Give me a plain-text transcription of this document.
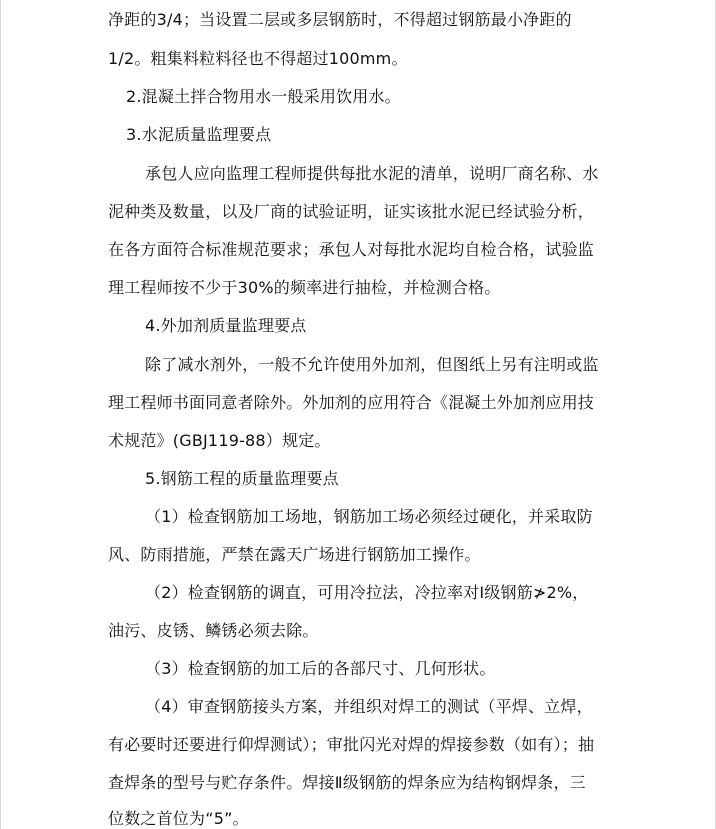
净距的3/4；当设置二层或多层钢筋时，不得超过钢筋最小净距的
1/2。粗集料粒料径也不得超过100mm。
2.混凝土拌合物用水一般采用饮用水。
3.水泥质量监理要点
承包人应向监理工程师提供每批水泥的清单，说明厂商名称、水
泥种类及数量，以及厂商的试验证明，证实该批水泥已经试验分析，
在各方面符合标准规范要求；承包人对每批水泥均自检合格，试验监
理工程师按不少于30%的频率进行抽检，并检测合格。
4.外加剂质量监理要点
除了减水剂外，一般不允许使用外加剂，但图纸上另有注明或监
理工程师书面同意者除外。外加剂的应用符合《混凝土外加剂应用技
术规范》(GBJ119-88）规定。
5.钢筋工程的质量监理要点
（1）检查钢筋加工场地，钢筋加工场必须经过硬化，并采取防
风、防雨措施，严禁在露天广场进行钢筋加工操作。
（2）检查钢筋的调直，可用冷拉法，冷拉率对Ⅰ级钢筋≯2%，
油污、皮锈、鳞锈必须去除。
（3）检查钢筋的加工后的各部尺寸、几何形状。
（4）审查钢筋接头方案，并组织对焊工的测试（平焊、立焊，
有必要时还要进行仰焊测试）；审批闪光对焊的焊接参数（如有）；抽
查焊条的型号与贮存条件。焊接Ⅱ级钢筋的焊条应为结构钢焊条，三
位数之首位为“5”。
